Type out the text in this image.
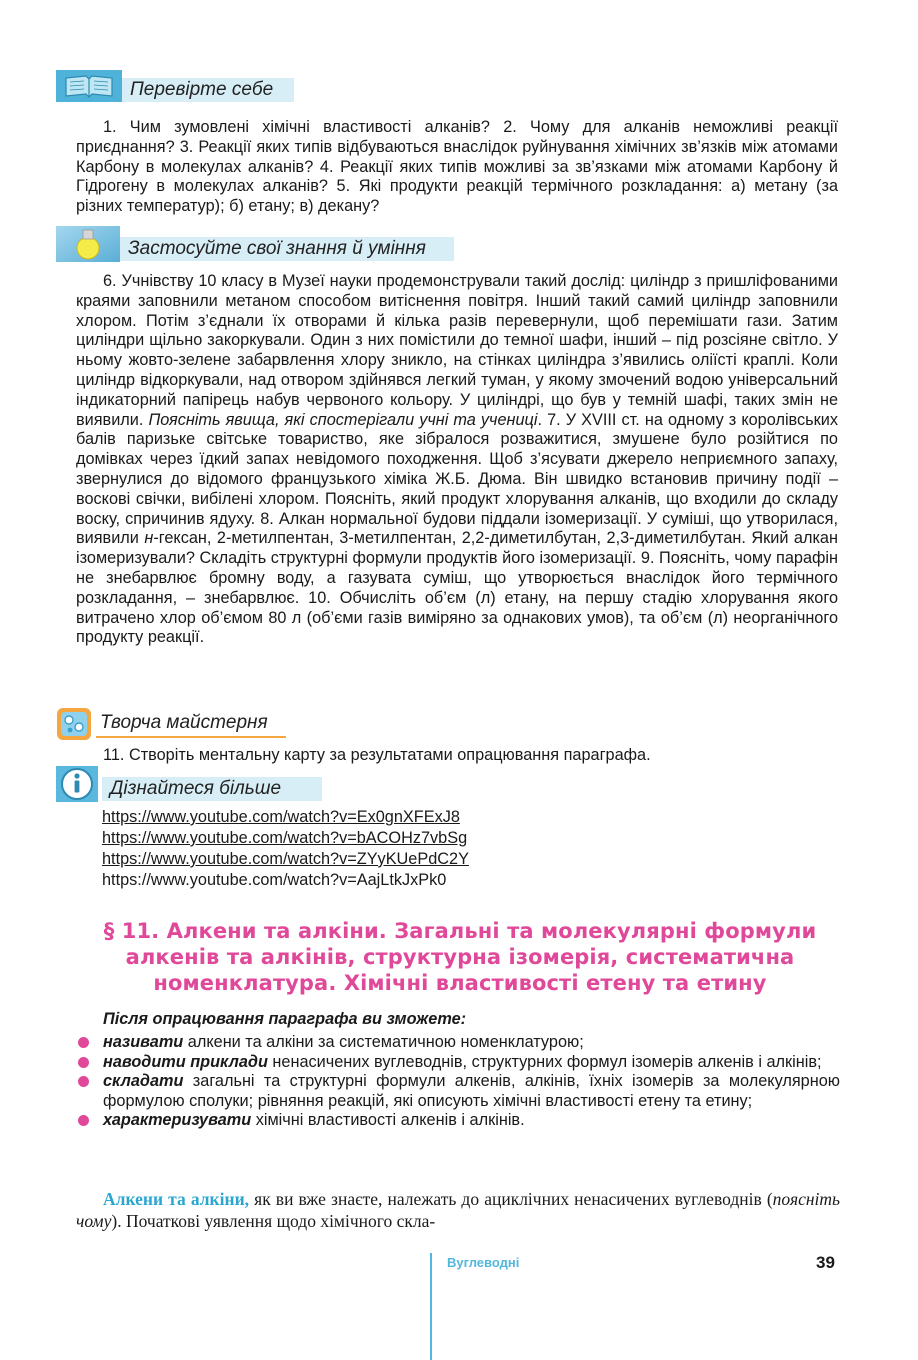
Перевірте себе

1. Чим зумовлені хімічні властивості алканів? 2. Чому для алканів неможливі реакції приєднання? 3. Реакції яких типів відбуваються внаслідок руйнування хімічних зв’язків між атомами Карбону в молекулах алканів? 4. Реакції яких типів можливі за зв’язками між атомами Карбону й Гідрогену в молекулах алканів? 5. Які продукти реакцій термічного розкладання: а) метану (за різних температур); б) етану; в) декану?

Застосуйте свої знання й уміння

6. Учнівству 10 класу в Музеї науки продемонстрували такий дослід: циліндр з пришліфованими краями заповнили метаном способом витіснення повітря. Інший такий самий циліндр заповнили хлором. Потім з’єднали їх отворами й кілька разів перевернули, щоб перемішати гази. Затим циліндри щільно закоркували. Один з них помістили до темної шафи, інший – під розсіяне світло. У ньому жовто-зелене забарвлення хлору зникло, на стінках циліндра з’явились оліїсті краплі. Коли циліндр відкоркували, над отвором здійнявся легкий туман, у якому змочений водою універсальний індикаторний папірець набув червоного кольору. У циліндрі, що був у темній шафі, таких змін не виявили. Поясніть явища, які спостерігали учні та учениці. 7. У XVIII ст. на одному з королівських балів паризьке світське товариство, яке зібралося розважитися, змушене було розійтися по домівках через їдкий запах невідомого походження. Щоб з’ясувати джерело неприємного запаху, звернулися до відомого французького хіміка Ж.Б. Дюма. Він швидко встановив причину події – воскові свічки, вибілені хлором. Поясніть, який продукт хлорування алканів, що входили до складу воску, спричинив ядуху. 8. Алкан нормальної будови піддали ізомеризації. У суміші, що утворилася, виявили н-гексан, 2-метилпентан, 3-метилпентан, 2,2-диметилбутан, 2,3-диметилбутан. Який алкан ізомеризували? Складіть структурні формули продуктів його ізомеризації. 9. Поясніть, чому парафін не знебарвлює бромну воду, а газувата суміш, що утворюється внаслідок його термічного розкладання, – знебарвлює. 10. Обчисліть об’єм (л) етану, на першу стадію хлорування якого витрачено хлор об’ємом 80 л (об’єми газів виміряно за однакових умов), та об’єм (л) неорганічного продукту реакції.

Творча майстерня

11. Створіть ментальну карту за результатами опрацювання параграфа.

Дізнайтеся більше
https://www.youtube.com/watch?v=Ex0gnXFExJ8
https://www.youtube.com/watch?v=bACOHz7vbSg
https://www.youtube.com/watch?v=ZYyKUePdC2Y
https://www.youtube.com/watch?v=AajLtkJxPk0
§ 11. Алкени та алкіни. Загальні та молекулярні формули
алкенів та алкінів, структурна ізомерія, систематична
номенклатура. Хімічні властивості етену та етину
Після опрацювання параграфа ви зможете:
називати алкени та алкіни за систематичною номенклатурою;
наводити приклади ненасичених вуглеводнів, структурних формул ізомерів алкенів і алкінів;
складати загальні та структурні формули алкенів, алкінів, їхніх ізомерів за молекулярною формулою сполуки; рівняння реакцій, які описують хімічні властивості етену та етину;
характеризувати хімічні властивості алкенів і алкінів.

Алкени та алкіни, як ви вже знаєте, належать до ациклічних ненасичених вуглеводнів (поясніть чому). Початкові уявлення щодо хімічного скла-

Вуглеводні	39
